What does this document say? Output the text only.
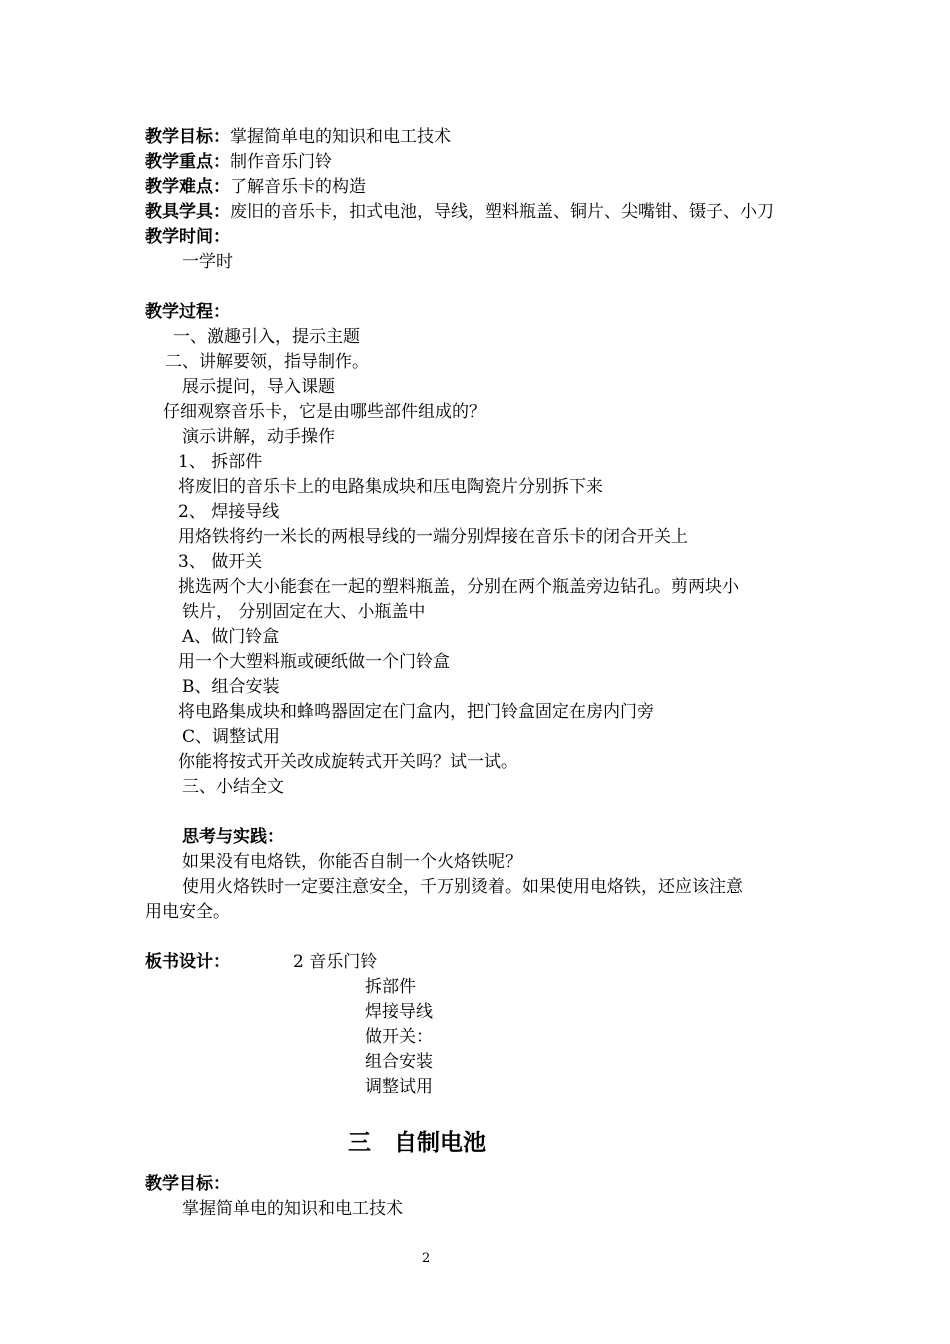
教学目标：掌握简单电的知识和电工技术
教学重点：制作音乐门铃
教学难点：了解音乐卡的构造
教具学具：废旧的音乐卡，扣式电池，导线，塑料瓶盖、铜片、尖嘴钳、镊子、小刀
教学时间：
一学时
教学过程：
一、激趣引入，提示主题
二、讲解要领，指导制作。
展示提问，导入课题
仔细观察音乐卡，它是由哪些部件组成的？
演示讲解，动手操作
1、 拆部件
将废旧的音乐卡上的电路集成块和压电陶瓷片分别拆下来
2、 焊接导线
用烙铁将约一米长的两根导线的一端分别焊接在音乐卡的闭合开关上
3、 做开关
挑选两个大小能套在一起的塑料瓶盖，分别在两个瓶盖旁边钻孔。剪两块小
铁片， 分别固定在大、小瓶盖中
A、做门铃盒
用一个大塑料瓶或硬纸做一个门铃盒
B、组合安装
将电路集成块和蜂鸣器固定在门盒内，把门铃盒固定在房内门旁
C、调整试用
你能将按式开关改成旋转式开关吗？试一试。
三、小结全文
思考与实践：
如果没有电烙铁，你能否自制一个火烙铁呢？
使用火烙铁时一定要注意安全，千万别烫着。如果使用电烙铁，还应该注意
用电安全。
板书设计：	2 音乐门铃
拆部件
焊接导线
做开关：
组合安装
调整试用
三　自制电池
教学目标：
掌握简单电的知识和电工技术
2
